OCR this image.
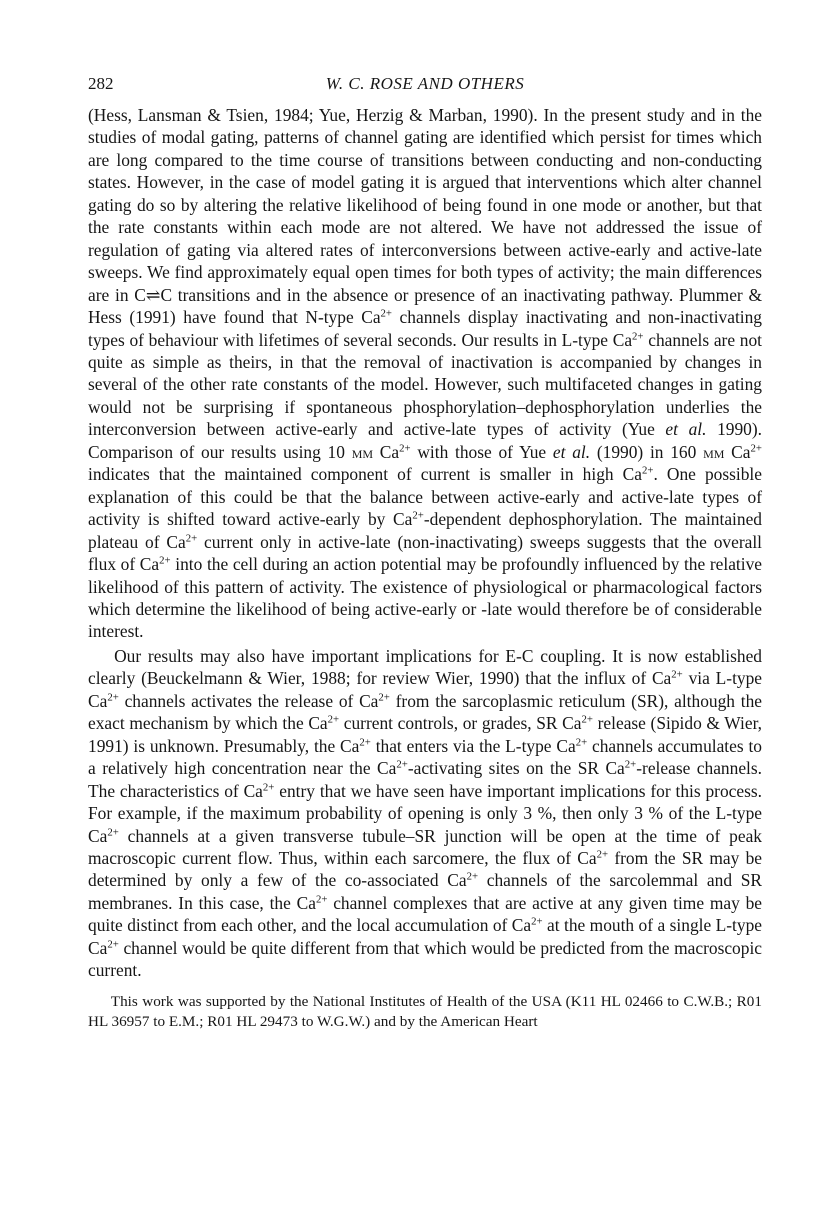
282	W. C. ROSE AND OTHERS

(Hess, Lansman & Tsien, 1984; Yue, Herzig & Marban, 1990). In the present study and in the studies of modal gating, patterns of channel gating are identified which persist for times which are long compared to the time course of transitions between conducting and non-conducting states. However, in the case of model gating it is argued that interventions which alter channel gating do so by altering the relative likelihood of being found in one mode or another, but that the rate constants within each mode are not altered. We have not addressed the issue of regulation of gating via altered rates of interconversions between active-early and active-late sweeps. We find approximately equal open times for both types of activity; the main differences are in C⇌C transitions and in the absence or presence of an inactivating pathway. Plummer & Hess (1991) have found that N-type $Ca^{2+}$ channels display inactivating and non-inactivating types of behaviour with lifetimes of several seconds. Our results in L-type $Ca^{2+}$ channels are not quite as simple as theirs, in that the removal of inactivation is accompanied by changes in several of the other rate constants of the model. However, such multifaceted changes in gating would not be surprising if spontaneous phosphorylation–dephosphorylation underlies the interconversion between active-early and active-late types of activity (Yue et al. 1990). Comparison of our results using 10 mm $Ca^{2+}$ with those of Yue et al. (1990) in 160 mm $Ca^{2+}$ indicates that the maintained component of current is smaller in high $Ca^{2+}$. One possible explanation of this could be that the balance between active-early and active-late types of activity is shifted toward active-early by $Ca^{2+}$-dependent dephosphorylation. The maintained plateau of $Ca^{2+}$ current only in active-late (non-inactivating) sweeps suggests that the overall flux of $Ca^{2+}$ into the cell during an action potential may be profoundly influenced by the relative likelihood of this pattern of activity. The existence of physiological or pharmacological factors which determine the likelihood of being active-early or -late would therefore be of considerable interest.

Our results may also have important implications for E-C coupling. It is now established clearly (Beuckelmann & Wier, 1988; for review Wier, 1990) that the influx of $Ca^{2+}$ via L-type $Ca^{2+}$ channels activates the release of $Ca^{2+}$ from the sarcoplasmic reticulum (SR), although the exact mechanism by which the $Ca^{2+}$ current controls, or grades, SR $Ca^{2+}$ release (Sipido & Wier, 1991) is unknown. Presumably, the $Ca^{2+}$ that enters via the L-type $Ca^{2+}$ channels accumulates to a relatively high concentration near the $Ca^{2+}$-activating sites on the SR $Ca^{2+}$-release channels. The characteristics of $Ca^{2+}$ entry that we have seen have important implications for this process. For example, if the maximum probability of opening is only 3 %, then only 3 % of the L-type $Ca^{2+}$ channels at a given transverse tubule–SR junction will be open at the time of peak macroscopic current flow. Thus, within each sarcomere, the flux of $Ca^{2+}$ from the SR may be determined by only a few of the co-associated $Ca^{2+}$ channels of the sarcolemmal and SR membranes. In this case, the $Ca^{2+}$ channel complexes that are active at any given time may be quite distinct from each other, and the local accumulation of $Ca^{2+}$ at the mouth of a single L-type $Ca^{2+}$ channel would be quite different from that which would be predicted from the macroscopic current.

This work was supported by the National Institutes of Health of the USA (K11 HL 02466 to C.W.B.; R01 HL 36957 to E.M.; R01 HL 29473 to W.G.W.) and by the American Heart
